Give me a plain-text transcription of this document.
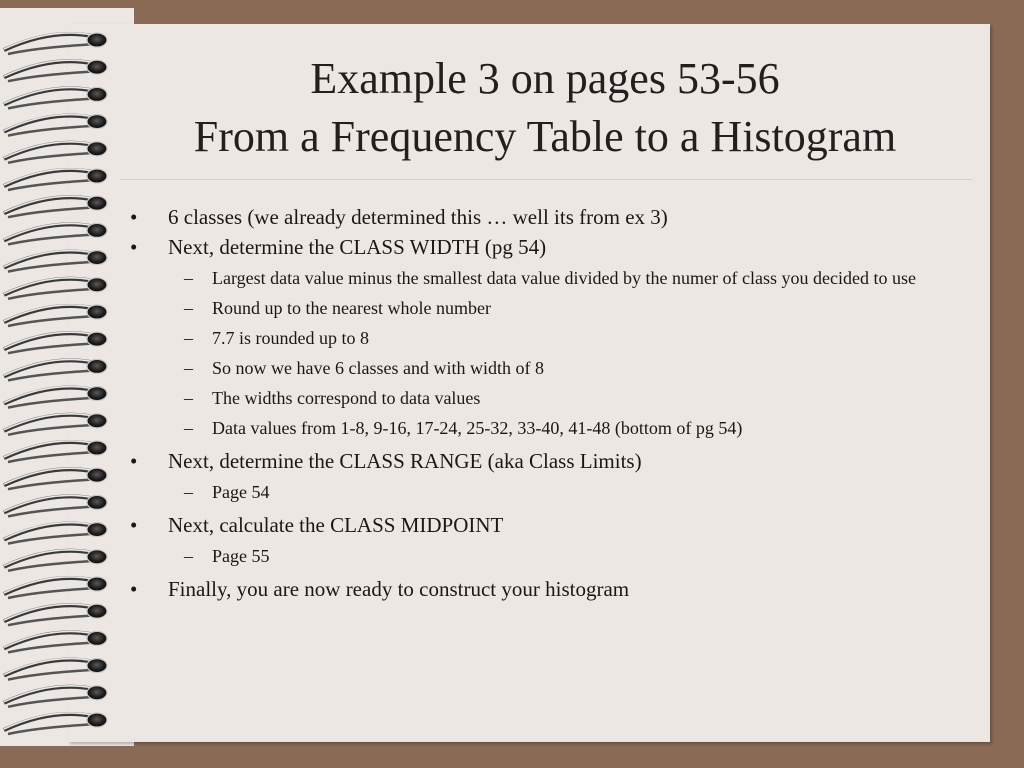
Example 3 on pages 53-56
From a Frequency Table to a Histogram
• 6 classes (we already determined this … well its from ex 3)
• Next, determine the CLASS WIDTH (pg 54)
– Largest data value minus the smallest data value divided by the numer of class you decided to use
– Round up to the nearest whole number
– 7.7 is rounded up to 8
– So now we have 6 classes and with width of 8
– The widths correspond to data values
– Data values from 1-8, 9-16, 17-24, 25-32, 33-40, 41-48 (bottom of pg 54)
• Next, determine the CLASS RANGE (aka Class Limits)
– Page 54
• Next, calculate the CLASS MIDPOINT
– Page 55
• Finally, you are now ready to construct your histogram
